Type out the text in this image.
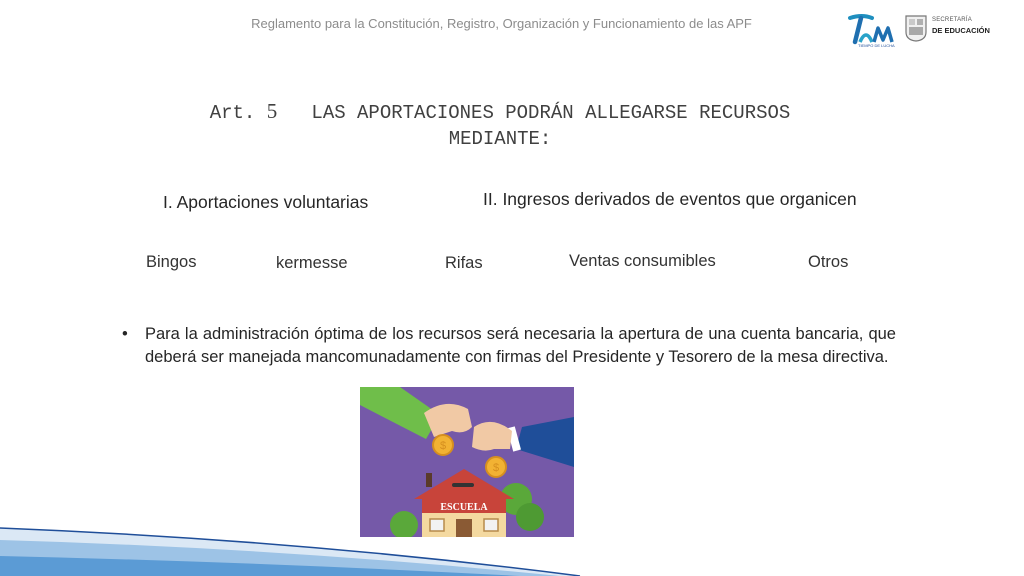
Reglamento para la Constitución, Registro, Organización y Funcionamiento de las APF
TIEMPO DE LUCHA
SECRETARÍA
DE EDUCACIÓN
Art. 5 LAS APORTACIONES PODRÁN ALLEGARSE RECURSOS
MEDIANTE:
I. Aportaciones voluntarias	II. Ingresos derivados de eventos que organicen
Bingos	kermesse	Rifas	Ventas consumibles	Otros
• Para la administración óptima de los recursos será necesaria la apertura de una cuenta bancaria, que deberá ser manejada mancomunadamente con firmas del Presidente y Tesorero de la mesa directiva.
$
$
ESCUELA
